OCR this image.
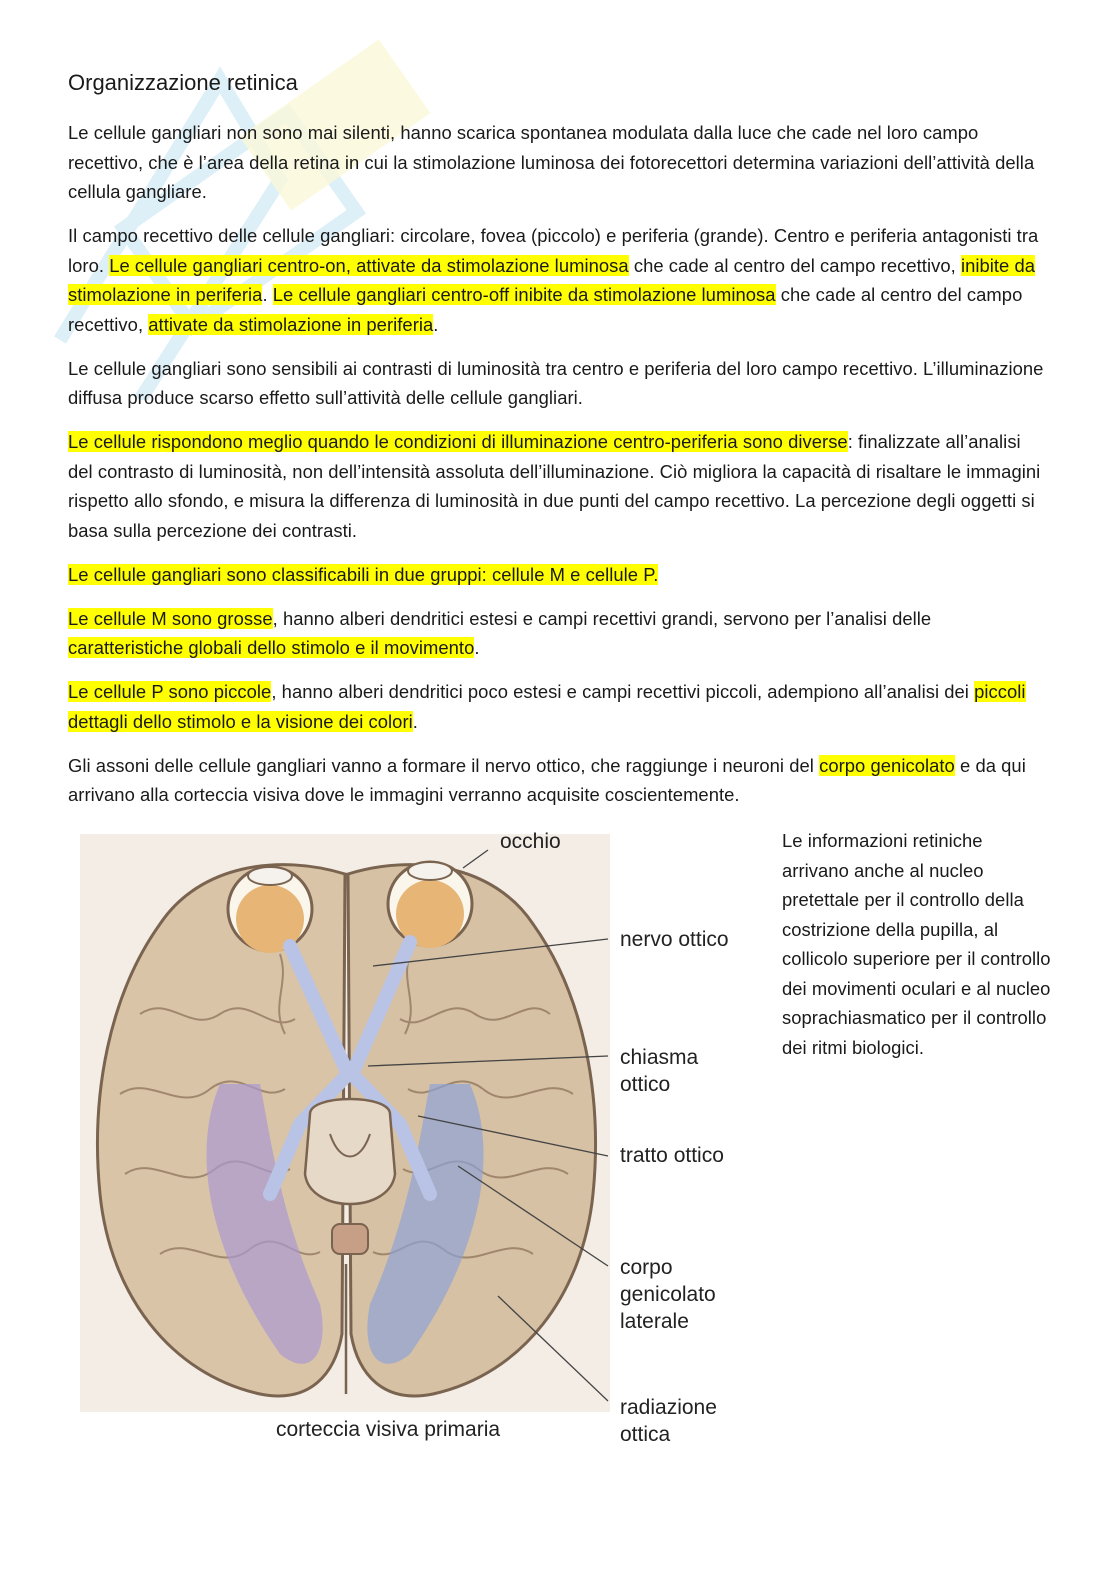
Organizzazione retinica

Le cellule gangliari non sono mai silenti, hanno scarica spontanea modulata dalla luce che cade nel loro campo recettivo, che è l’area della retina in cui la stimolazione luminosa dei fotorecettori determina variazioni dell’attività della cellula gangliare.

Il campo recettivo delle cellule gangliari: circolare, fovea (piccolo) e periferia (grande). Centro e periferia antagonisti tra loro. Le cellule gangliari centro-on, attivate da stimolazione luminosa che cade al centro del campo recettivo, inibite da stimolazione in periferia. Le cellule gangliari centro-off inibite da stimolazione luminosa che cade al centro del campo recettivo, attivate da stimolazione in periferia.

Le cellule gangliari sono sensibili ai contrasti di luminosità tra centro e periferia del loro campo recettivo. L’illuminazione diffusa produce scarso effetto sull’attività delle cellule gangliari.

Le cellule rispondono meglio quando le condizioni di illuminazione centro-periferia sono diverse: finalizzate all’analisi del contrasto di luminosità, non dell’intensità assoluta dell’illuminazione. Ciò migliora la capacità di risaltare le immagini rispetto allo sfondo, e misura la differenza di luminosità in due punti del campo recettivo. La percezione degli oggetti si basa sulla percezione dei contrasti.

Le cellule gangliari sono classificabili in due gruppi: cellule M e cellule P.

Le cellule M sono grosse, hanno alberi dendritici estesi e campi recettivi grandi, servono per l’analisi delle caratteristiche globali dello stimolo e il movimento.

Le cellule P sono piccole, hanno alberi dendritici poco estesi e campi recettivi piccoli, adempiono all’analisi dei piccoli dettagli dello stimolo e la visione dei colori.

Gli assoni delle cellule gangliari vanno a formare il nervo ottico, che raggiunge i neuroni del corpo genicolato e da qui arrivano alla corteccia visiva dove le immagini verranno acquisite coscientemente.

occhio
nervo ottico
chiasma
ottico
tratto ottico
corpo
genicolato
laterale
radiazione
ottica
corteccia visiva primaria

Le informazioni retiniche arrivano anche al nucleo pretettale per il controllo della costrizione della pupilla, al collicolo superiore per il controllo dei movimenti oculari e al nucleo soprachiasmatico per il controllo dei ritmi biologici.
